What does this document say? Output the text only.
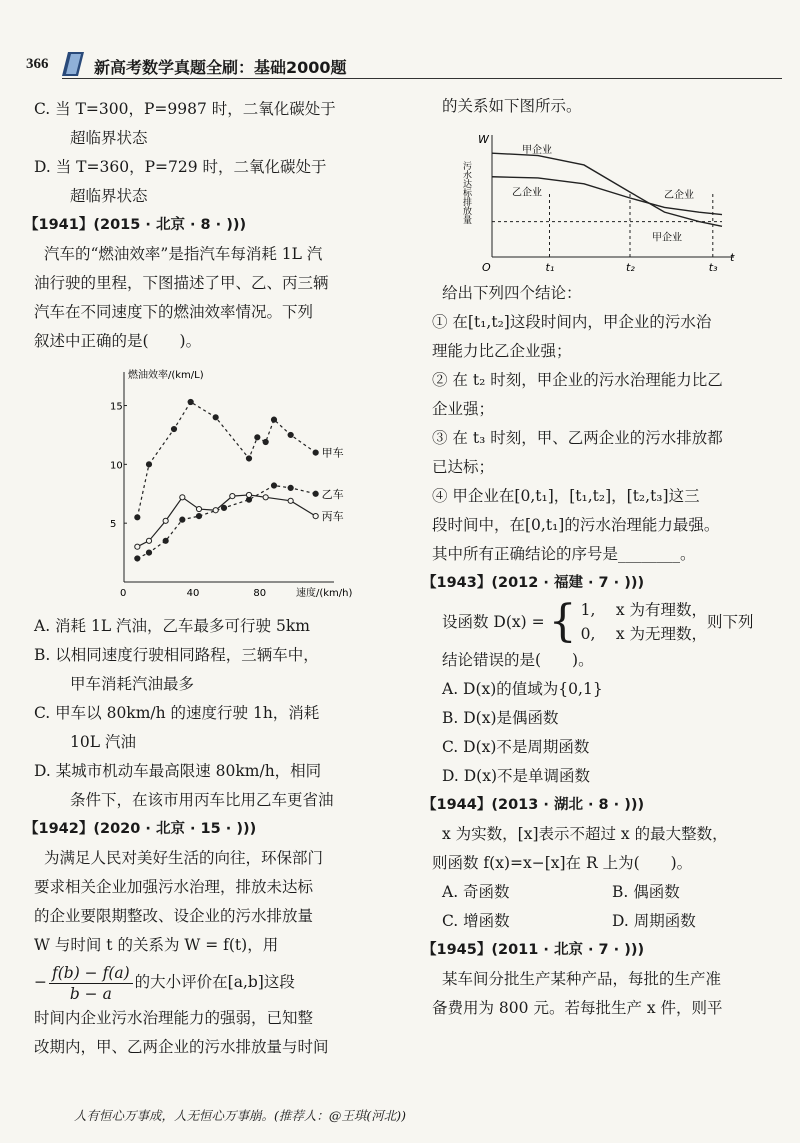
366	新高考数学真题全刷：基础2000题
C. 当 T=300，P=9987 时，二氧化碳处于
超临界状态
D. 当 T=360，P=729 时，二氧化碳处于
超临界状态
【1941】(2015 · 北京 · 8 · )))
汽车的“燃油效率”是指汽车每消耗 1L 汽
油行驶的里程，下图描述了甲、乙、丙三辆
汽车在不同速度下的燃油效率情况。下列
叙述中正确的是(　　)。
燃油效率/(km/L)
速度/(km/h)
0	40	80
5
10
15
甲车
乙车
丙车
A. 消耗 1L 汽油，乙车最多可行驶 5km
B. 以相同速度行驶相同路程，三辆车中，
甲车消耗汽油最多
C. 甲车以 80km/h 的速度行驶 1h，消耗
10L 汽油
D. 某城市机动车最高限速 80km/h，相同
条件下，在该市用丙车比用乙车更省油
【1942】(2020 · 北京 · 15 · )))
为满足人民对美好生活的向往，环保部门
要求相关企业加强污水治理，排放未达标
的企业要限期整改、设企业的污水排放量
W 与时间 t 的关系为 W = f(t)，用
− $\frac{f(b) - f(a)}{b - a}$ 的大小评价在[a,b]这段
时间内企业污水治理能力的强弱，已知整
改期内，甲、乙两企业的污水排放量与时间
的关系如下图所示。
W
t
O
污水达标排放量
t₁	t₂	t₃
甲企业
乙企业	乙企业
甲企业
给出下列四个结论：
① 在[t₁,t₂]这段时间内，甲企业的污水治
理能力比乙企业强；
② 在 t₂ 时刻，甲企业的污水治理能力比乙
企业强；
③ 在 t₃ 时刻，甲、乙两企业的污水排放都
已达标；
④ 甲企业在[0,t₁]，[t₁,t₂]，[t₂,t₃]这三
段时间中，在[0,t₁]的污水治理能力最强。
其中所有正确结论的序号是________。
【1943】(2012 · 福建 · 7 · )))
设函数 D(x) = { 1,　 x 为有理数，
0,　 x 为无理数，
则下列
结论错误的是(　　)。
A. D(x)的值域为{0,1}
B. D(x)是偶函数
C. D(x)不是周期函数
D. D(x)不是单调函数
【1944】(2013 · 湖北 · 8 · )))
x 为实数，[x]表示不超过 x 的最大整数，
则函数 f(x)=x−[x]在 R 上为(　　)。
A. 奇函数	B. 偶函数
C. 增函数	D. 周期函数
【1945】(2011 · 北京 · 7 · )))
某车间分批生产某种产品，每批的生产准
备费用为 800 元。若每批生产 x 件，则平
人有恒心万事成，人无恒心万事崩。(推荐人：@王琪(河北))
